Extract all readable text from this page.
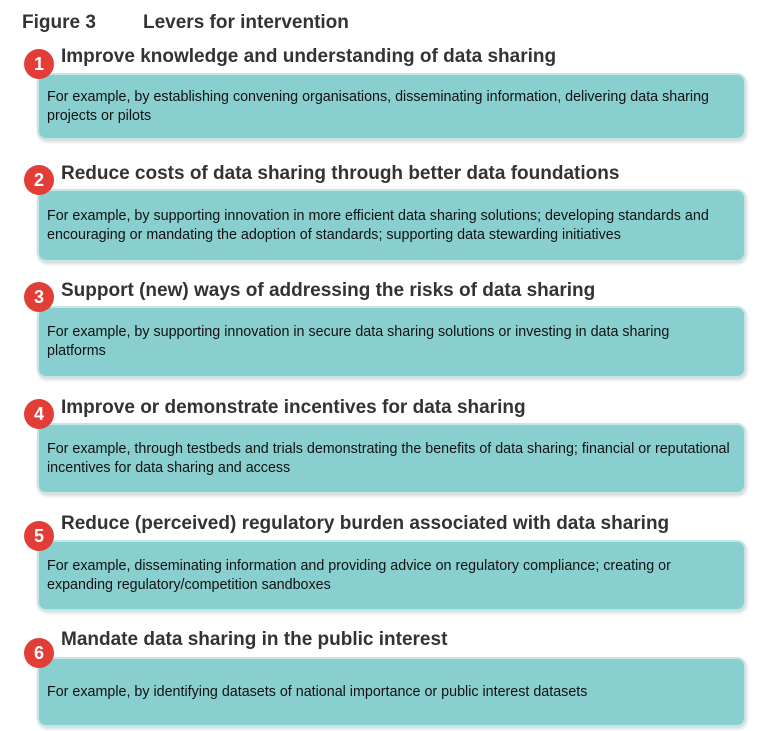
Figure 3 Levers for intervention
1 Improve knowledge and understanding of data sharing
For example, by establishing convening organisations, disseminating information, delivering data sharing projects or pilots
2 Reduce costs of data sharing through better data foundations
For example, by supporting innovation in more efficient data sharing solutions; developing standards and encouraging or mandating the adoption of standards; supporting data stewarding initiatives
3 Support (new) ways of addressing the risks of data sharing
For example, by supporting innovation in secure data sharing solutions or investing in data sharing platforms
4 Improve or demonstrate incentives for data sharing
For example, through testbeds and trials demonstrating the benefits of data sharing; financial or reputational incentives for data sharing and access
5
Reduce (perceived) regulatory burden associated with data sharing
For example, disseminating information and providing advice on regulatory compliance; creating or expanding regulatory/competition sandboxes
6
Mandate data sharing in the public interest
For example, by identifying datasets of national importance or public interest datasets
